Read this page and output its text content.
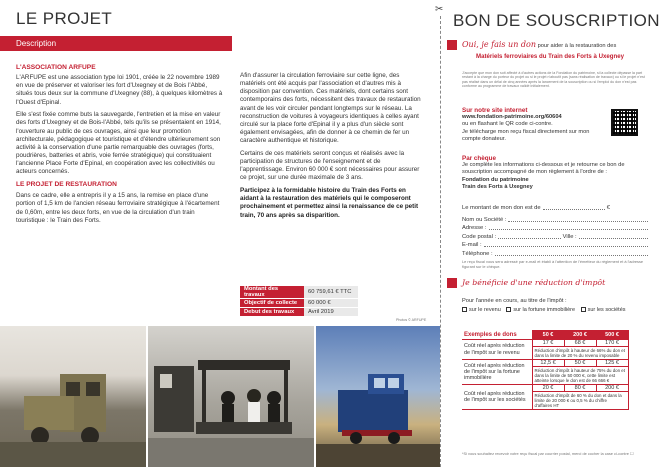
LE PROJET
Description
L'ASSOCIATION ARFUPE

L'ARFUPE est une association type loi 1901, créée le 22 novembre 1989 en vue de préserver et valoriser les fort d'Uxegney et de Bois l'Abbé, situés tous deux sur la commune d'Uxegney (88), à quelques kilomètres à l'Ouest d'Epinal.

Elle s'est fixée comme buts la sauvegarde, l'entretien et la mise en valeur des forts d'Uxegney et de Bois-l'Abbé, tels qu'ils se présentaient en 1914, l'ouverture au public de ces ouvrages, ainsi que leur promotion architecturale, pédagogique et touristique et d'étendre ultérieurement son activité à la conservation d'une partie remarquable des ouvrages (forts, poudrières, batteries et abris, voie ferrée stratégique) qui constituaient l'ancienne Place Forte d'Epinal, en coopération avec les collectivités ou acteurs concernés.

LE PROJET DE RESTAURATION

Dans ce cadre, elle a entrepris il y a 15 ans, la remise en place d'une portion of 1,5 km de l'ancien réseau ferroviaire stratégique à l'écartement de 0,60m, entre les deux forts, en vue de la circulation d'un train touristique : le Train des Forts.

Afin d'assurer la circulation ferroviaire sur cette ligne, des matériels ont été acquis par l'association et d'autres mis à disposition par convention. Ces matériels, dont certains sont contemporains des forts, nécessitent des travaux de restauration avant de les voir circuler pendant longtemps sur le réseau. La reconstruction de voitures à voyageurs identiques à celles ayant circulé sur la place forte d'Epinal il y a plus d'un siècle sont également envisagées, afin de donner à ce chemin de fer un caractère authentique et historique.

Certains de ces matériels seront conçus et réalisés avec la participation de structures de l'enseignement et de l'apprentissage. Environ 60 000 € sont nécessaires pour assurer ce projet, sur une durée maximale de 3 ans.

Participez à la formidable histoire du Train des Forts en aidant à la restauration des matériels qui le composeront prochainement et permettez ainsi la renaissance de ce petit train, 70 ans après sa disparition.

Montant des travaux	60 759,61 € TTC
Objectif de collecte	60 000 €
Debut des travaux	Avril 2019
Photos © ARFUPE
✂
BON DE SOUSCRIPTION
Oui, je fais un don pour aider à la restauration des
Matériels ferroviaires du Train des Forts à Uxegney
J'accepte que mon don soit affecté à d'autres actions de la Fondation du patrimoine, si la collecte dépasse la part restant à la charge du porteur du projet ou si le projet n'aboutit pas (sans réalisation de travaux) ou si le projet n'est pas réalisé dans un délai de cinq années après la lancement de la souscription ou si l'emploi du don n'est pas conforme au programme de travaux validé initialement.
Sur notre site internet
www.fondation-patrimoine.org/60604
ou en flashant le QR code ci-contre.
Je télécharge mon reçu fiscal directement sur mon compte donateur.
Par chèque
Je complète les informations ci-dessous et je retourne ce bon de souscription accompagné de mon règlement à l'ordre de :
Fondation du patrimoine
Train des Forts à Uxegney
Le montant de mon don est de	€
Nom ou Société :
Adresse :
Code postal :	Ville :
E-mail :
Téléphone :
Le reçu fiscal vous sera adressé par e-mail et établi à l'attention de l'émetteur du règlement et à l'adresse figurant sur le chèque.
Je bénéficie d'une réduction d'impôt
Pour l'année en cours, au titre de l'impôt :
sur le revenu sur la fortune immobilière sur les sociétés
Exemples de dons	50 €	200 €	500 €
Coût réel après réduction de l'impôt sur le revenu	17 €	68 €	170 €
	Réduction d'impôt à hauteur de 66% du don et dans la limite de 20 % du revenu imposable		
Coût réel après réduction de l'impôt sur la fortune immobilière	12,5 €	50 €	125 €
	Réduction d'impôt à hauteur de 75% du don et dans la limite de 50 000 €, cette limite est atteinte lorsque le don est de 66 666 €		
Coût réel après réduction de l'impôt sur les sociétés	20 €	80 €	200 €
	Réduction d'impôt de 60 % du don et dans la limite de 20 000 € ou 0,5 % du chiffre d'affaires HT		
*Si vous souhaitez recevoir votre reçu fiscal par courrier postal, merci de cocher la case ci-contre ☐
